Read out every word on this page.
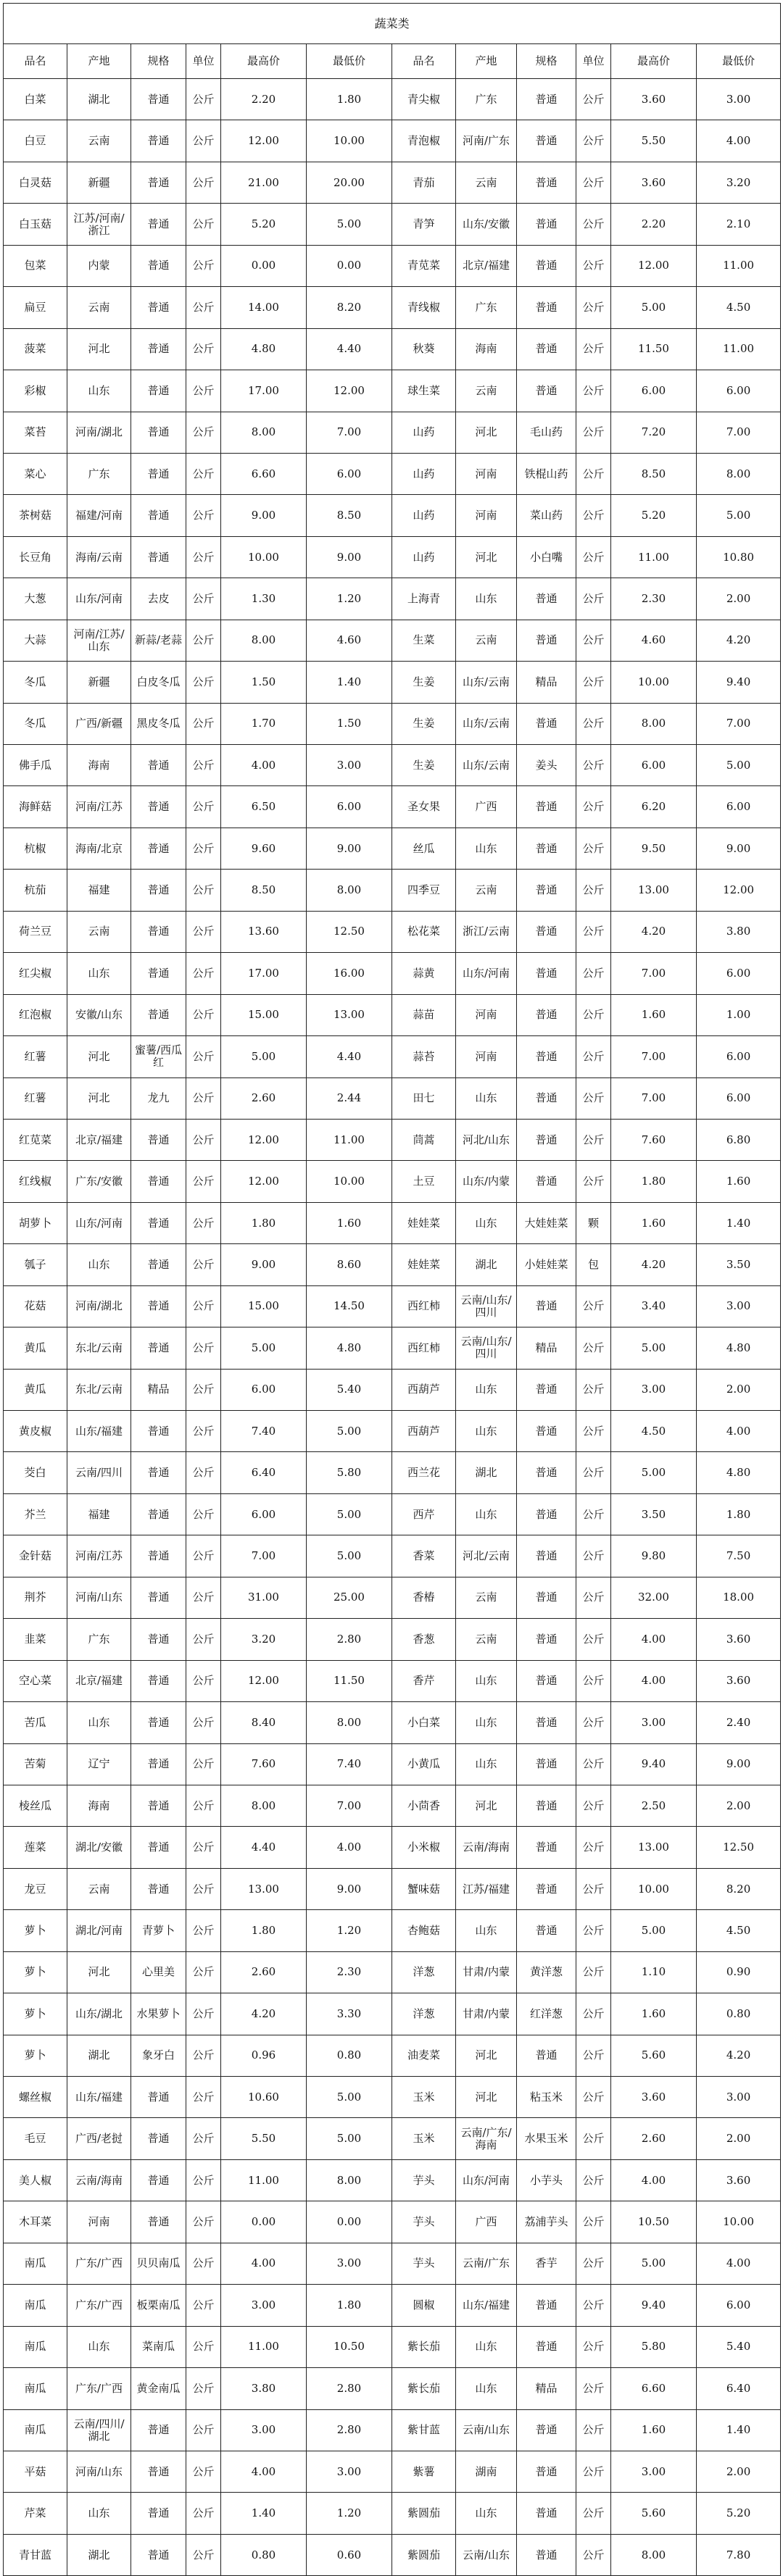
蔬菜类											
品名	产地	规格	单位	最高价	最低价	品名	产地	规格	单位	最高价	最低价
白菜	湖北	普通	公斤	2.20	1.80	青尖椒	广东	普通	公斤	3.60	3.00
白豆	云南	普通	公斤	12.00	10.00	青泡椒	河南/广东	普通	公斤	5.50	4.00
白灵菇	新疆	普通	公斤	21.00	20.00	青茄	云南	普通	公斤	3.60	3.20
白玉菇	江苏/河南/浙江	普通	公斤	5.20	5.00	青笋	山东/安徽	普通	公斤	2.20	2.10
包菜	内蒙	普通	公斤	0.00	0.00	青苋菜	北京/福建	普通	公斤	12.00	11.00
扁豆	云南	普通	公斤	14.00	8.20	青线椒	广东	普通	公斤	5.00	4.50
菠菜	河北	普通	公斤	4.80	4.40	秋葵	海南	普通	公斤	11.50	11.00
彩椒	山东	普通	公斤	17.00	12.00	球生菜	云南	普通	公斤	6.00	6.00
菜苔	河南/湖北	普通	公斤	8.00	7.00	山药	河北	毛山药	公斤	7.20	7.00
菜心	广东	普通	公斤	6.60	6.00	山药	河南	铁棍山药	公斤	8.50	8.00
茶树菇	福建/河南	普通	公斤	9.00	8.50	山药	河南	菜山药	公斤	5.20	5.00
长豆角	海南/云南	普通	公斤	10.00	9.00	山药	河北	小白嘴	公斤	11.00	10.80
大葱	山东/河南	去皮	公斤	1.30	1.20	上海青	山东	普通	公斤	2.30	2.00
大蒜	河南/江苏/山东	新蒜/老蒜	公斤	8.00	4.60	生菜	云南	普通	公斤	4.60	4.20
冬瓜	新疆	白皮冬瓜	公斤	1.50	1.40	生姜	山东/云南	精品	公斤	10.00	9.40
冬瓜	广西/新疆	黑皮冬瓜	公斤	1.70	1.50	生姜	山东/云南	普通	公斤	8.00	7.00
佛手瓜	海南	普通	公斤	4.00	3.00	生姜	山东/云南	姜头	公斤	6.00	5.00
海鲜菇	河南/江苏	普通	公斤	6.50	6.00	圣女果	广西	普通	公斤	6.20	6.00
杭椒	海南/北京	普通	公斤	9.60	9.00	丝瓜	山东	普通	公斤	9.50	9.00
杭茄	福建	普通	公斤	8.50	8.00	四季豆	云南	普通	公斤	13.00	12.00
荷兰豆	云南	普通	公斤	13.60	12.50	松花菜	浙江/云南	普通	公斤	4.20	3.80
红尖椒	山东	普通	公斤	17.00	16.00	蒜黄	山东/河南	普通	公斤	7.00	6.00
红泡椒	安徽/山东	普通	公斤	15.00	13.00	蒜苗	河南	普通	公斤	1.60	1.00
红薯	河北	蜜薯/西瓜红	公斤	5.00	4.40	蒜苔	河南	普通	公斤	7.00	6.00
红薯	河北	龙九	公斤	2.60	2.44	田七	山东	普通	公斤	7.00	6.00
红苋菜	北京/福建	普通	公斤	12.00	11.00	茼蒿	河北/山东	普通	公斤	7.60	6.80
红线椒	广东/安徽	普通	公斤	12.00	10.00	土豆	山东/内蒙	普通	公斤	1.80	1.60
胡萝卜	山东/河南	普通	公斤	1.80	1.60	娃娃菜	山东	大娃娃菜	颗	1.60	1.40
瓠子	山东	普通	公斤	9.00	8.60	娃娃菜	湖北	小娃娃菜	包	4.20	3.50
花菇	河南/湖北	普通	公斤	15.00	14.50	西红柿	云南/山东/四川	普通	公斤	3.40	3.00
黄瓜	东北/云南	普通	公斤	5.00	4.80	西红柿	云南/山东/四川	精品	公斤	5.00	4.80
黄瓜	东北/云南	精品	公斤	6.00	5.40	西葫芦	山东	普通	公斤	3.00	2.00
黄皮椒	山东/福建	普通	公斤	7.40	5.00	西葫芦	山东	普通	公斤	4.50	4.00
茭白	云南/四川	普通	公斤	6.40	5.80	西兰花	湖北	普通	公斤	5.00	4.80
芥兰	福建	普通	公斤	6.00	5.00	西芹	山东	普通	公斤	3.50	1.80
金针菇	河南/江苏	普通	公斤	7.00	5.00	香菜	河北/云南	普通	公斤	9.80	7.50
荆芥	河南/山东	普通	公斤	31.00	25.00	香椿	云南	普通	公斤	32.00	18.00
韭菜	广东	普通	公斤	3.20	2.80	香葱	云南	普通	公斤	4.00	3.60
空心菜	北京/福建	普通	公斤	12.00	11.50	香芹	山东	普通	公斤	4.00	3.60
苦瓜	山东	普通	公斤	8.40	8.00	小白菜	山东	普通	公斤	3.00	2.40
苦菊	辽宁	普通	公斤	7.60	7.40	小黄瓜	山东	普通	公斤	9.40	9.00
棱丝瓜	海南	普通	公斤	8.00	7.00	小茴香	河北	普通	公斤	2.50	2.00
莲菜	湖北/安徽	普通	公斤	4.40	4.00	小米椒	云南/海南	普通	公斤	13.00	12.50
龙豆	云南	普通	公斤	13.00	9.00	蟹味菇	江苏/福建	普通	公斤	10.00	8.20
萝卜	湖北/河南	青萝卜	公斤	1.80	1.20	杏鲍菇	山东	普通	公斤	5.00	4.50
萝卜	河北	心里美	公斤	2.60	2.30	洋葱	甘肃/内蒙	黄洋葱	公斤	1.10	0.90
萝卜	山东/湖北	水果萝卜	公斤	4.20	3.30	洋葱	甘肃/内蒙	红洋葱	公斤	1.60	0.80
萝卜	湖北	象牙白	公斤	0.96	0.80	油麦菜	河北	普通	公斤	5.60	4.20
螺丝椒	山东/福建	普通	公斤	10.60	5.00	玉米	河北	粘玉米	公斤	3.60	3.00
毛豆	广西/老挝	普通	公斤	5.50	5.00	玉米	云南/广东/海南	水果玉米	公斤	2.60	2.00
美人椒	云南/海南	普通	公斤	11.00	8.00	芋头	山东/河南	小芋头	公斤	4.00	3.60
木耳菜	河南	普通	公斤	0.00	0.00	芋头	广西	荔浦芋头	公斤	10.50	10.00
南瓜	广东/广西	贝贝南瓜	公斤	4.00	3.00	芋头	云南/广东	香芋	公斤	5.00	4.00
南瓜	广东/广西	板栗南瓜	公斤	3.00	1.80	圆椒	山东/福建	普通	公斤	9.40	6.00
南瓜	山东	菜南瓜	公斤	11.00	10.50	紫长茄	山东	普通	公斤	5.80	5.40
南瓜	广东/广西	黄金南瓜	公斤	3.80	2.80	紫长茄	山东	精品	公斤	6.60	6.40
南瓜	云南/四川/湖北	普通	公斤	3.00	2.80	紫甘蓝	云南/山东	普通	公斤	1.60	1.40
平菇	河南/山东	普通	公斤	4.00	3.00	紫薯	湖南	普通	公斤	3.00	2.00
芹菜	山东	普通	公斤	1.40	1.20	紫圆茄	山东	普通	公斤	5.60	5.20
青甘蓝	湖北	普通	公斤	0.80	0.60	紫圆茄	云南/山东	普通	公斤	8.00	7.80
